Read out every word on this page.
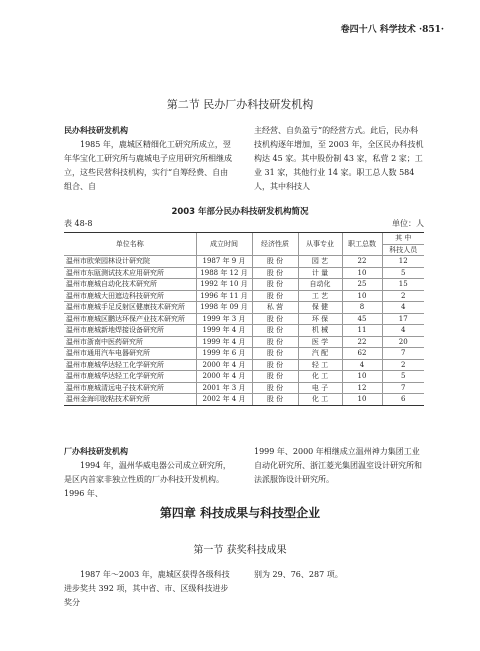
卷四十八 科学技术 ·851·
第二节 民办厂办科技研发机构
民办科技研发机构

1985 年，鹿城区精细化工研究所成立，翌年华宝化工研究所与鹿城电子应用研究所相继成立，这些民营科技机构，实行“自筹经费、自由组合、自

主经营、自负盈亏”的经营方式。此后，民办科技机构逐年增加，至 2003 年，全区民办科技机构达 45 家。其中股份制 43 家，私营 2 家；工业 31 家，其他行业 14 家。职工总人数 584 人，其中科技人

2003 年部分民办科技研发机构简况
表 48-8	单位：人
单位名称	成立时间	经济性质	从事专业	职工总数	其 中
					科技人员
温州市欧荣园林设计研究院	1987 年 9 月	股 份	园 艺	22	12
温州市东瓯测试技术应用研究所	1988 年 12 月	股 份	计 量	10	5
温州市鹿城自动化技术研究所	1992 年 10 月	股 份	自动化	25	15
温州市鹿城大田遮边科技研究所	1996 年 11 月	股 份	工 艺	10	2
温州市鹿城手足反射区健康技术研究所	1998 年 09 月	私 营	保 健	8	4
温州市鹿城区鹏达环保产业技术研究所	1999 年 3 月	股 份	环 保	45	17
温州市鹿城新地焊接设备研究所	1999 年 4 月	股 份	机 械	11	4
温州市浙南中医药研究所	1999 年 4 月	股 份	医 学	22	20
温州市通用汽车电器研究所	1999 年 6 月	股 份	汽 配	62	7
温州市鹿城华达轻工化学研究所	2000 年 4 月	股 份	轻 工	4	2
温州市鹿城华达轻工化学研究所	2000 年 4 月	股 份	化 工	10	5
温州市鹿城清远电子技术研究所	2001 年 3 月	股 份	电 子	12	7
温州金海印胶粘技术研究所	2002 年 4 月	股 份	化 工	10	6
厂办科技研发机构

1994 年，温州华威电器公司成立研究所，是区内首家非独立性质的厂办科技开发机构。1996 年、

1999 年、2000 年相继成立温州神力集团工业自动化研究所、浙江菱光集团温室设计研究所和法派服饰设计研究所。

第四章 科技成果与科技型企业
第一节 获奖科技成果

1987 年～2003 年，鹿城区获得各级科技进步奖共 392 项，其中省、市、区级科技进步奖分

别为 29、76、287 项。
